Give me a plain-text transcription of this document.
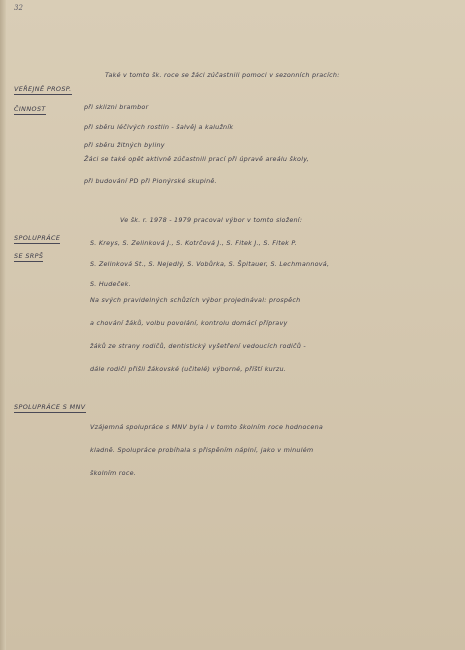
32
VEŘEJNĚ PROSP.
ČINNOST
Také v tomto šk. roce se žáci zúčastnili pomoci v sezonních pracích:
při sklizni brambor
při sběru léčivých rostlin - šalvěj a kalužník
při sběru žitných byliny
Žáci se také opět aktivně zúčastnili prací při úpravě areálu školy,
při budování PD při Pionýrské skupině.
SPOLUPRÁCE
SE SRPŠ
Ve šk. r. 1978 - 1979 pracoval výbor v tomto složení:
S. Kreys, S. Zelinková J., S. Kotrčová J., S. Fitek J., S. Fitek P.
S. Zelinková St., S. Nejedlý, S. Vobůrka, S. Špitauer, S. Lechmannová,
S. Hudeček.
Na svých pravidelných schůzích výbor projednával: prospěch
a chování žáků, volbu povolání, kontrolu domácí přípravy
žáků ze strany rodičů, dentistický vyšetření vedoucích rodičů -
dále rodiči přišli žákovské (učitelé) výborné, příští kurzu.
SPOLUPRÁCE S MNV
Vzájemná spolupráce s MNV byla i v tomto školním roce hodnocena
kladně. Spolupráce probíhala s přispěním náplní, jako v minulém
školním roce.
